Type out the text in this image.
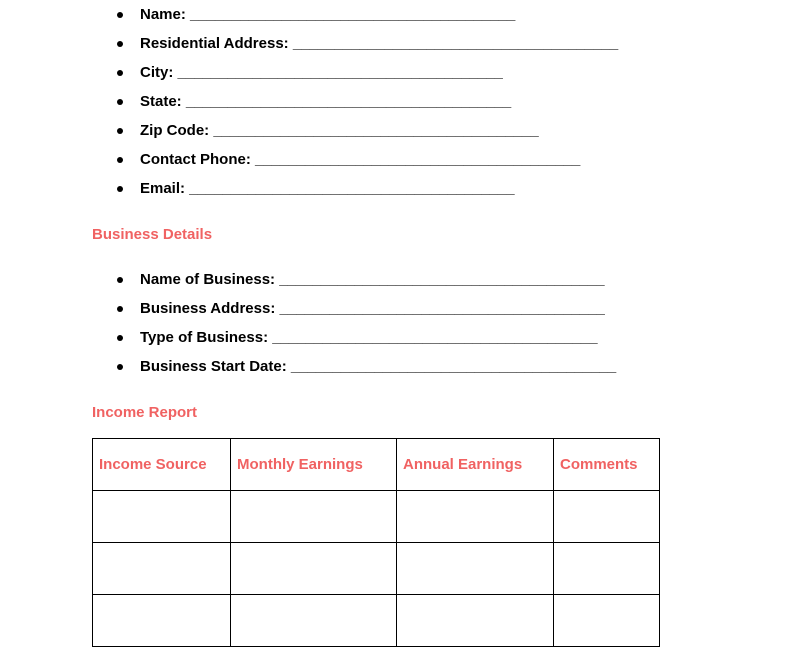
Name: _______________________________________
Residential Address: _______________________________________
City: _______________________________________
State: _______________________________________
Zip Code: _______________________________________
Contact Phone: _______________________________________
Email: _______________________________________
Business Details
Name of Business: _______________________________________
Business Address: _______________________________________
Type of Business: _______________________________________
Business Start Date: _______________________________________
Income Report
Income Source	Monthly Earnings	Annual Earnings	Comments
